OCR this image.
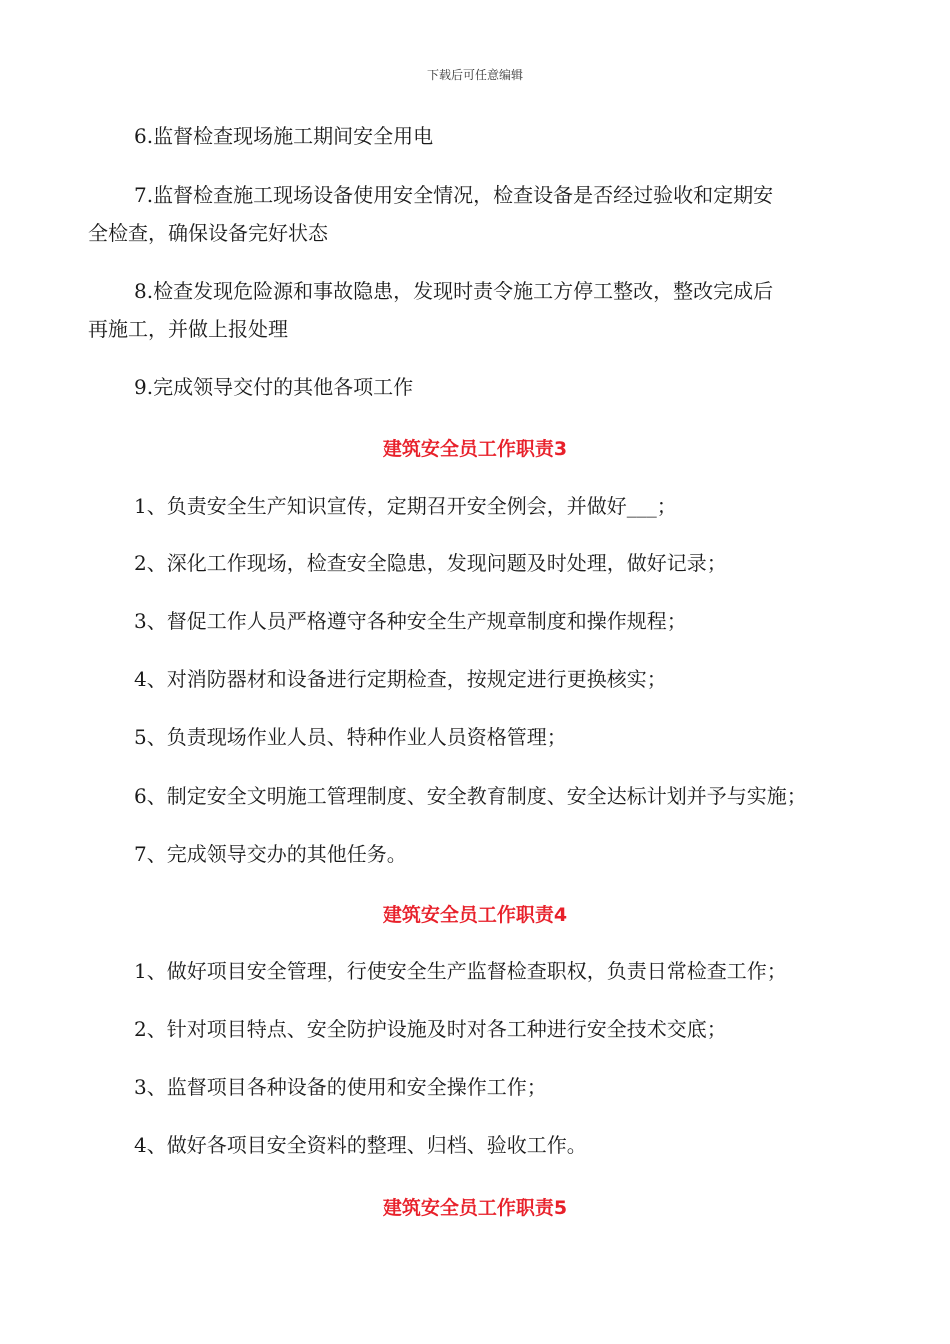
下载后可任意编辑
6.监督检查现场施工期间安全用电
7.监督检查施工现场设备使用安全情况，检查设备是否经过验收和定期安
全检查，确保设备完好状态
8.检查发现危险源和事故隐患，发现时责令施工方停工整改，整改完成后
再施工，并做上报处理
9.完成领导交付的其他各项工作
建筑安全员工作职责3
1、负责安全生产知识宣传，定期召开安全例会，并做好___；
2、深化工作现场，检查安全隐患，发现问题及时处理，做好记录；
3、督促工作人员严格遵守各种安全生产规章制度和操作规程；
4、对消防器材和设备进行定期检查，按规定进行更换核实；
5、负责现场作业人员、特种作业人员资格管理；
6、制定安全文明施工管理制度、安全教育制度、安全达标计划并予与实施；
7、完成领导交办的其他任务。
建筑安全员工作职责4
1、做好项目安全管理，行使安全生产监督检查职权，负责日常检查工作；
2、针对项目特点、安全防护设施及时对各工种进行安全技术交底；
3、监督项目各种设备的使用和安全操作工作；
4、做好各项目安全资料的整理、归档、验收工作。
建筑安全员工作职责5
